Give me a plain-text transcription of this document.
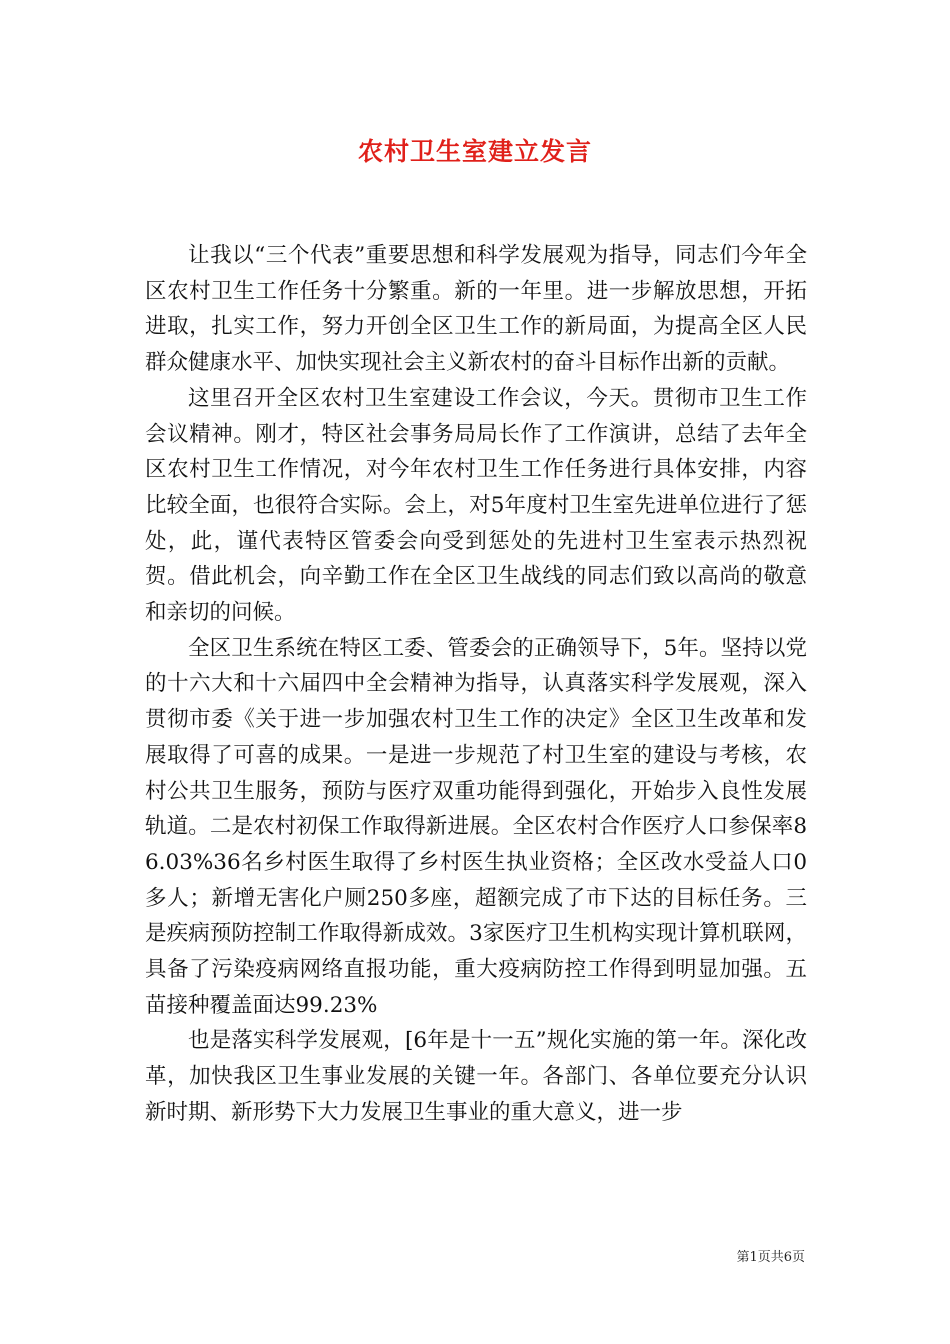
农村卫生室建立发言

让我以“三个代表”重要思想和科学发展观为指导，同志们今年全区农村卫生工作任务十分繁重。新的一年里。进一步解放思想，开拓进取，扎实工作，努力开创全区卫生工作的新局面，为提高全区人民群众健康水平、加快实现社会主义新农村的奋斗目标作出新的贡献。

这里召开全区农村卫生室建设工作会议，今天。贯彻市卫生工作会议精神。刚才，特区社会事务局局长作了工作演讲，总结了去年全区农村卫生工作情况，对今年农村卫生工作任务进行具体安排，内容比较全面，也很符合实际。会上，对5年度村卫生室先进单位进行了惩处，此，谨代表特区管委会向受到惩处的先进村卫生室表示热烈祝贺。借此机会，向辛勤工作在全区卫生战线的同志们致以高尚的敬意和亲切的问候。

全区卫生系统在特区工委、管委会的正确领导下，5年。坚持以党的十六大和十六届四中全会精神为指导，认真落实科学发展观，深入贯彻市委《关于进一步加强农村卫生工作的决定》全区卫生改革和发展取得了可喜的成果。一是进一步规范了村卫生室的建设与考核，农村公共卫生服务，预防与医疗双重功能得到强化，开始步入良性发展轨道。二是农村初保工作取得新进展。全区农村合作医疗人口参保率86.03%36名乡村医生取得了乡村医生执业资格；全区改水受益人口0多人；新增无害化户厕250多座，超额完成了市下达的目标任务。三是疾病预防控制工作取得新成效。3家医疗卫生机构实现计算机联网，具备了污染疫病网络直报功能，重大疫病防控工作得到明显加强。五苗接种覆盖面达99.23%

也是落实科学发展观，[6年是十一五”规化实施的第一年。深化改革，加快我区卫生事业发展的关键一年。各部门、各单位要充分认识新时期、新形势下大力发展卫生事业的重大意义，进一步

第1页共6页
